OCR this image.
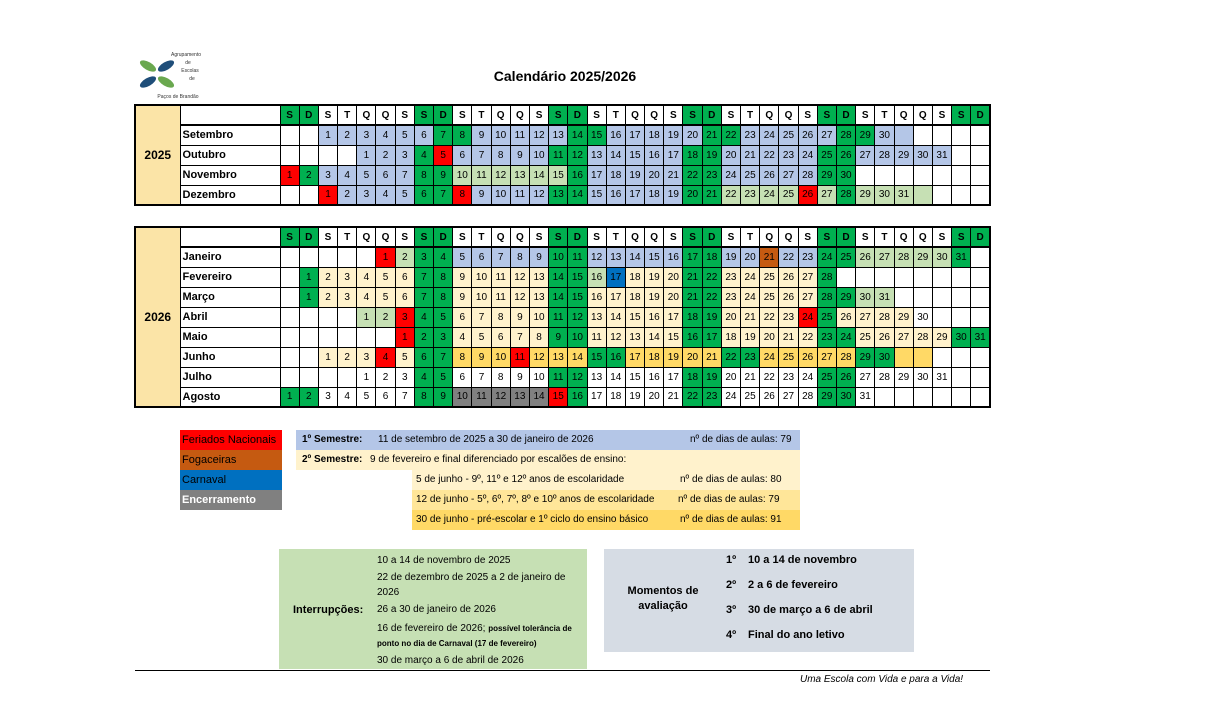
Agrupamento
de
Escolas
de
Paços de Brandão
Calendário 2025/2026
2025		S	D	S	T	Q	Q	S	S	D	S	T	Q	Q	S	S	D	S	T	Q	Q	S	S	D	S	T	Q	Q	S	S	D	S	T	Q	Q	S	S	D
	Setembro			1	2	3	4	5	6	7	8	9	10	11	12	13	14	15	16	17	18	19	20	21	22	23	24	25	26	27	28	29	30					
	Outubro					1	2	3	4	5	6	7	8	9	10	11	12	13	14	15	16	17	18	19	20	21	22	23	24	25	26	27	28	29	30	31		
	Novembro	1	2	3	4	5	6	7	8	9	10	11	12	13	14	15	16	17	18	19	20	21	22	23	24	25	26	27	28	29	30							
	Dezembro			1	2	3	4	5	6	7	8	9	10	11	12	13	14	15	16	17	18	19	20	21	22	23	24	25	26	27	28	29	30	31				
2026		S	D	S	T	Q	Q	S	S	D	S	T	Q	Q	S	S	D	S	T	Q	Q	S	S	D	S	T	Q	Q	S	S	D	S	T	Q	Q	S	S	D
	Janeiro						1	2	3	4	5	6	7	8	9	10	11	12	13	14	15	16	17	18	19	20	21	22	23	24	25	26	27	28	29	30	31	
	Fevereiro		1	2	3	4	5	6	7	8	9	10	11	12	13	14	15	16	17	18	19	20	21	22	23	24	25	26	27	28								
	Março		1	2	3	4	5	6	7	8	9	10	11	12	13	14	15	16	17	18	19	20	21	22	23	24	25	26	27	28	29	30	31					
	Abril					1	2	3	4	5	6	7	8	9	10	11	12	13	14	15	16	17	18	19	20	21	22	23	24	25	26	27	28	29	30			
	Maio							1	2	3	4	5	6	7	8	9	10	11	12	13	14	15	16	17	18	19	20	21	22	23	24	25	26	27	28	29	30	31
	Junho			1	2	3	4	5	6	7	8	9	10	11	12	13	14	15	16	17	18	19	20	21	22	23	24	25	26	27	28	29	30					
	Julho					1	2	3	4	5	6	7	8	9	10	11	12	13	14	15	16	17	18	19	20	21	22	23	24	25	26	27	28	29	30	31		
	Agosto	1	2	3	4	5	6	7	8	9	10	11	12	13	14	15	16	17	18	19	20	21	22	23	24	25	26	27	28	29	30	31						
Feriados Nacionais
Fogaceiras
Carnaval
Encerramento
1º Semestre: 11 de setembro de 2025 a 30 de janeiro de 2026	nº de dias de aulas: 79
2º Semestre: 9 de fevereiro e final diferenciado por escalões de ensino:
5 de junho - 9º, 11º e 12º anos de escolaridade	nº de dias de aulas: 80
12 de junho - 5º, 6º, 7º, 8º e 10º anos de escolaridade nº de dias de aulas: 79
30 de junho - pré-escolar e 1º ciclo do ensino básico	nº de dias de aulas: 91
Interrupções:
10 a 14 de novembro de 2025
22 de dezembro de 2025 a 2 de janeiro de 2026
26 a 30 de janeiro de 2026
16 de fevereiro de 2026; possível tolerância de ponto no dia de Carnaval (17 de fevereiro)
30 de março a 6 de abril de 2026
Momentos de avaliação
1º 10 a 14 de novembro
2º 2 a 6 de fevereiro
3º 30 de março a 6 de abril
4º Final do ano letivo
Uma Escola com Vida e para a Vida!
